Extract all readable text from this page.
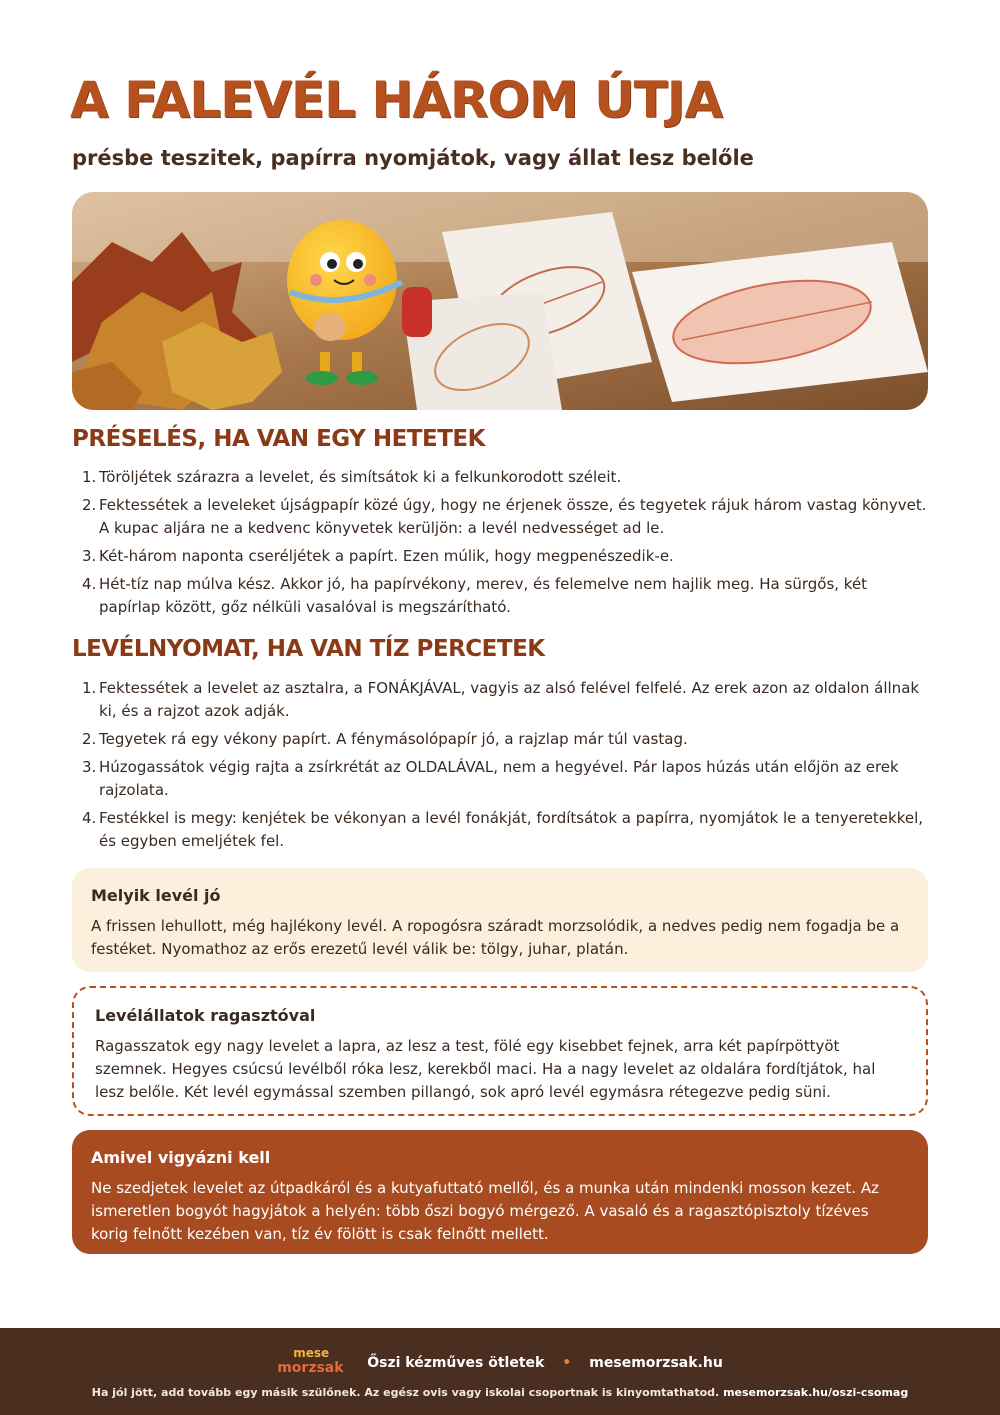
A FALEVÉL HÁROM ÚTJA
présbe teszitek, papírra nyomjátok, vagy állat lesz belőle
PRÉSELÉS, HA VAN EGY HETETEK
1. Töröljétek szárazra a levelet, és simítsátok ki a felkunkorodott széleit.
2. Fektessétek a leveleket újságpapír közé úgy, hogy ne érjenek össze, és tegyetek rájuk három vastag könyvet. A kupac aljára ne a kedvenc könyvetek kerüljön: a levél nedvességet ad le.
3. Két-három naponta cseréljétek a papírt. Ezen múlik, hogy megpenészedik-e.
4. Hét-tíz nap múlva kész. Akkor jó, ha papírvékony, merev, és felemelve nem hajlik meg. Ha sürgős, két papírlap között, gőz nélküli vasalóval is megszárítható.
LEVÉLNYOMAT, HA VAN TÍZ PERCETEK
1. Fektessétek a levelet az asztalra, a FONÁKJÁVAL, vagyis az alsó felével felfelé. Az erek azon az oldalon állnak ki, és a rajzot azok adják.
2. Tegyetek rá egy vékony papírt. A fénymásolópapír jó, a rajzlap már túl vastag.
3. Húzogassátok végig rajta a zsírkrétát az OLDALÁVAL, nem a hegyével. Pár lapos húzás után előjön az erek rajzolata.
4. Festékkel is megy: kenjétek be vékonyan a levél fonákját, fordítsátok a papírra, nyomjátok le a tenyeretekkel, és egyben emeljétek fel.
Melyik levél jó

A frissen lehullott, még hajlékony levél. A ropogósra száradt morzsolódik, a nedves pedig nem fogadja be a festéket. Nyomathoz az erős erezetű levél válik be: tölgy, juhar, platán.

Levélállatok ragasztóval

Ragasszatok egy nagy levelet a lapra, az lesz a test, fölé egy kisebbet fejnek, arra két papírpöttyöt szemnek. Hegyes csúcsú levélből róka lesz, kerekből maci. Ha a nagy levelet az oldalára fordítjátok, hal lesz belőle. Két levél egymással szemben pillangó, sok apró levél egymásra rétegezve pedig süni.

Amivel vigyázni kell

Ne szedjetek levelet az útpadkáról és a kutyafuttató mellől, és a munka után mindenki mosson kezet. Az ismeretlen bogyót hagyjátok a helyén: több őszi bogyó mérgező. A vasaló és a ragasztópisztoly tízéves korig felnőtt kezében van, tíz év fölött is csak felnőtt mellett.

mese
morzsak Őszi kézműves ötletek • mesemorzsak.hu
Ha jól jött, add tovább egy másik szülőnek. Az egész ovis vagy iskolai csoportnak is kinyomtathatod. mesemorzsak.hu/oszi-csomag
